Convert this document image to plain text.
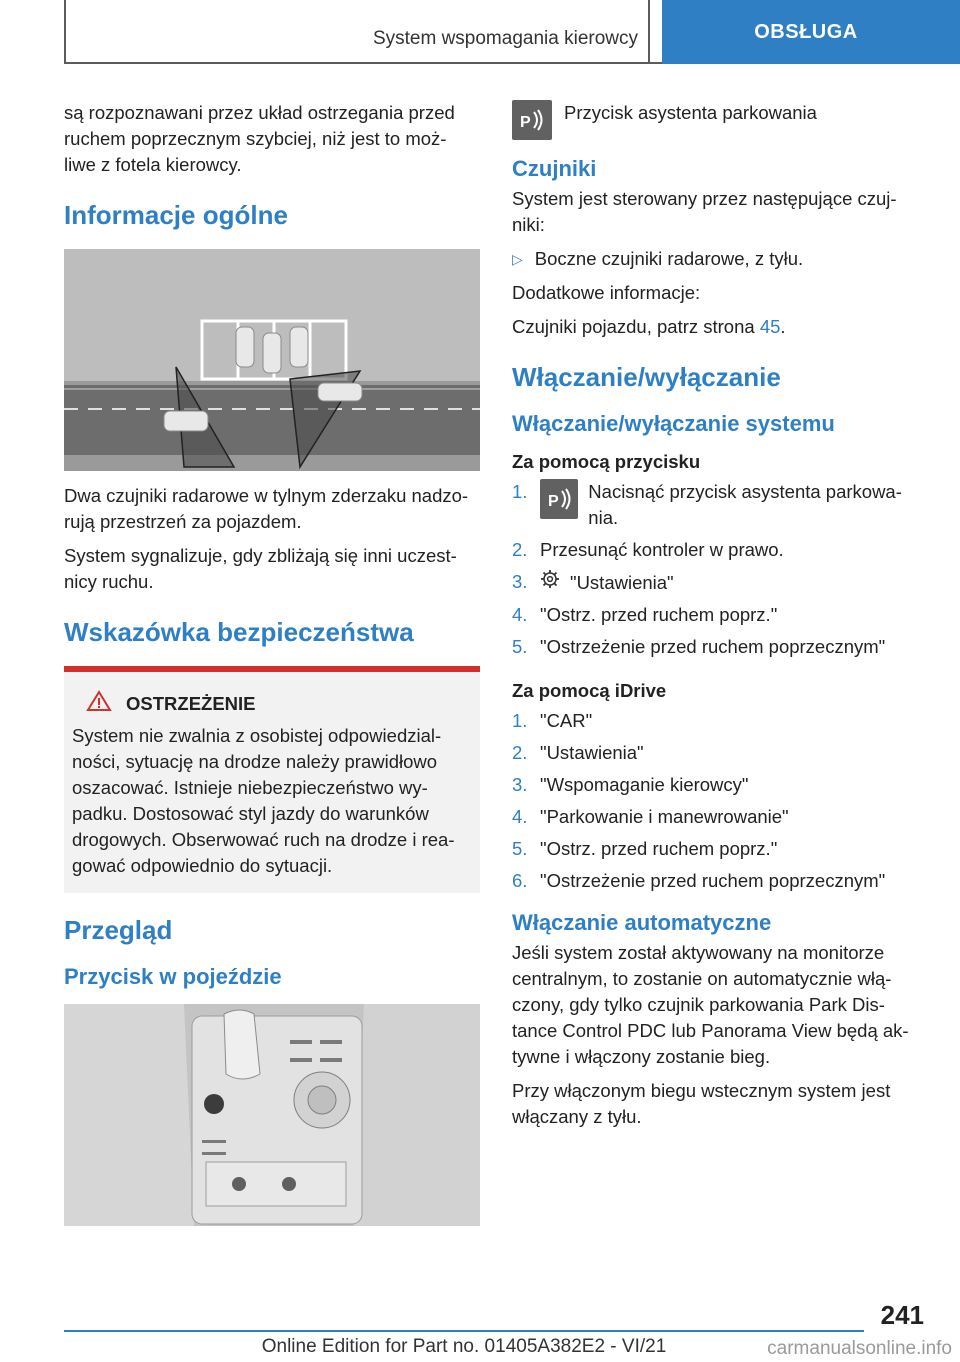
System wspomagania kierowcy	OBSŁUGA

są rozpoznawani przez układ ostrzegania przed ruchem poprzecznym szybciej, niż jest to moż- liwe z fotela kierowcy.

Informacje ogólne

Dwa czujniki radarowe w tylnym zderzaku nadzo- rują przestrzeń za pojazdem.

System sygnalizuje, gdy zbliżają się inni uczest- nicy ruchu.

Wskazówka bezpieczeństwa
OSTRZEŻENIE

System nie zwalnia z osobistej odpowiedzial- ności, sytuację na drodze należy prawidłowo oszacować. Istnieje niebezpieczeństwo wy- padku. Dostosować styl jazdy do warunków drogowych. Obserwować ruch na drodze i rea- gować odpowiednio do sytuacji.

Przegląd
Przycisk w pojeździe
P Przycisk asystenta parkowania

Czujniki

System jest sterowany przez następujące czuj- niki:

▷ Boczne czujniki radarowe, z tyłu.

Dodatkowe informacje:

Czujniki pojazdu, patrz strona 45.

Włączanie/wyłączanie
Włączanie/wyłączanie systemu
Za pomocą przycisku
1.	P Nacisnąć przycisk asystenta parkowa- nia.
2. Przesunąć kontroler w prawo.
3.	"Ustawienia"
4. "Ostrz. przed ruchem poprz."
5. "Ostrzeżenie przed ruchem poprzecznym"
Za pomocą iDrive
1. "CAR"
2. "Ustawienia"
3. "Wspomaganie kierowcy"
4. "Parkowanie i manewrowanie"
5. "Ostrz. przed ruchem poprz."
6. "Ostrzeżenie przed ruchem poprzecznym"
Włączanie automatyczne

Jeśli system został aktywowany na monitorze centralnym, to zostanie on automatycznie włą- czony, gdy tylko czujnik parkowania Park Dis- tance Control PDC lub Panorama View będą ak- tywne i włączony zostanie bieg.

Przy włączonym biegu wstecznym system jest włączany z tyłu.

241
Online Edition for Part no. 01405A382E2 - VI/21	carmanualsonline.info
